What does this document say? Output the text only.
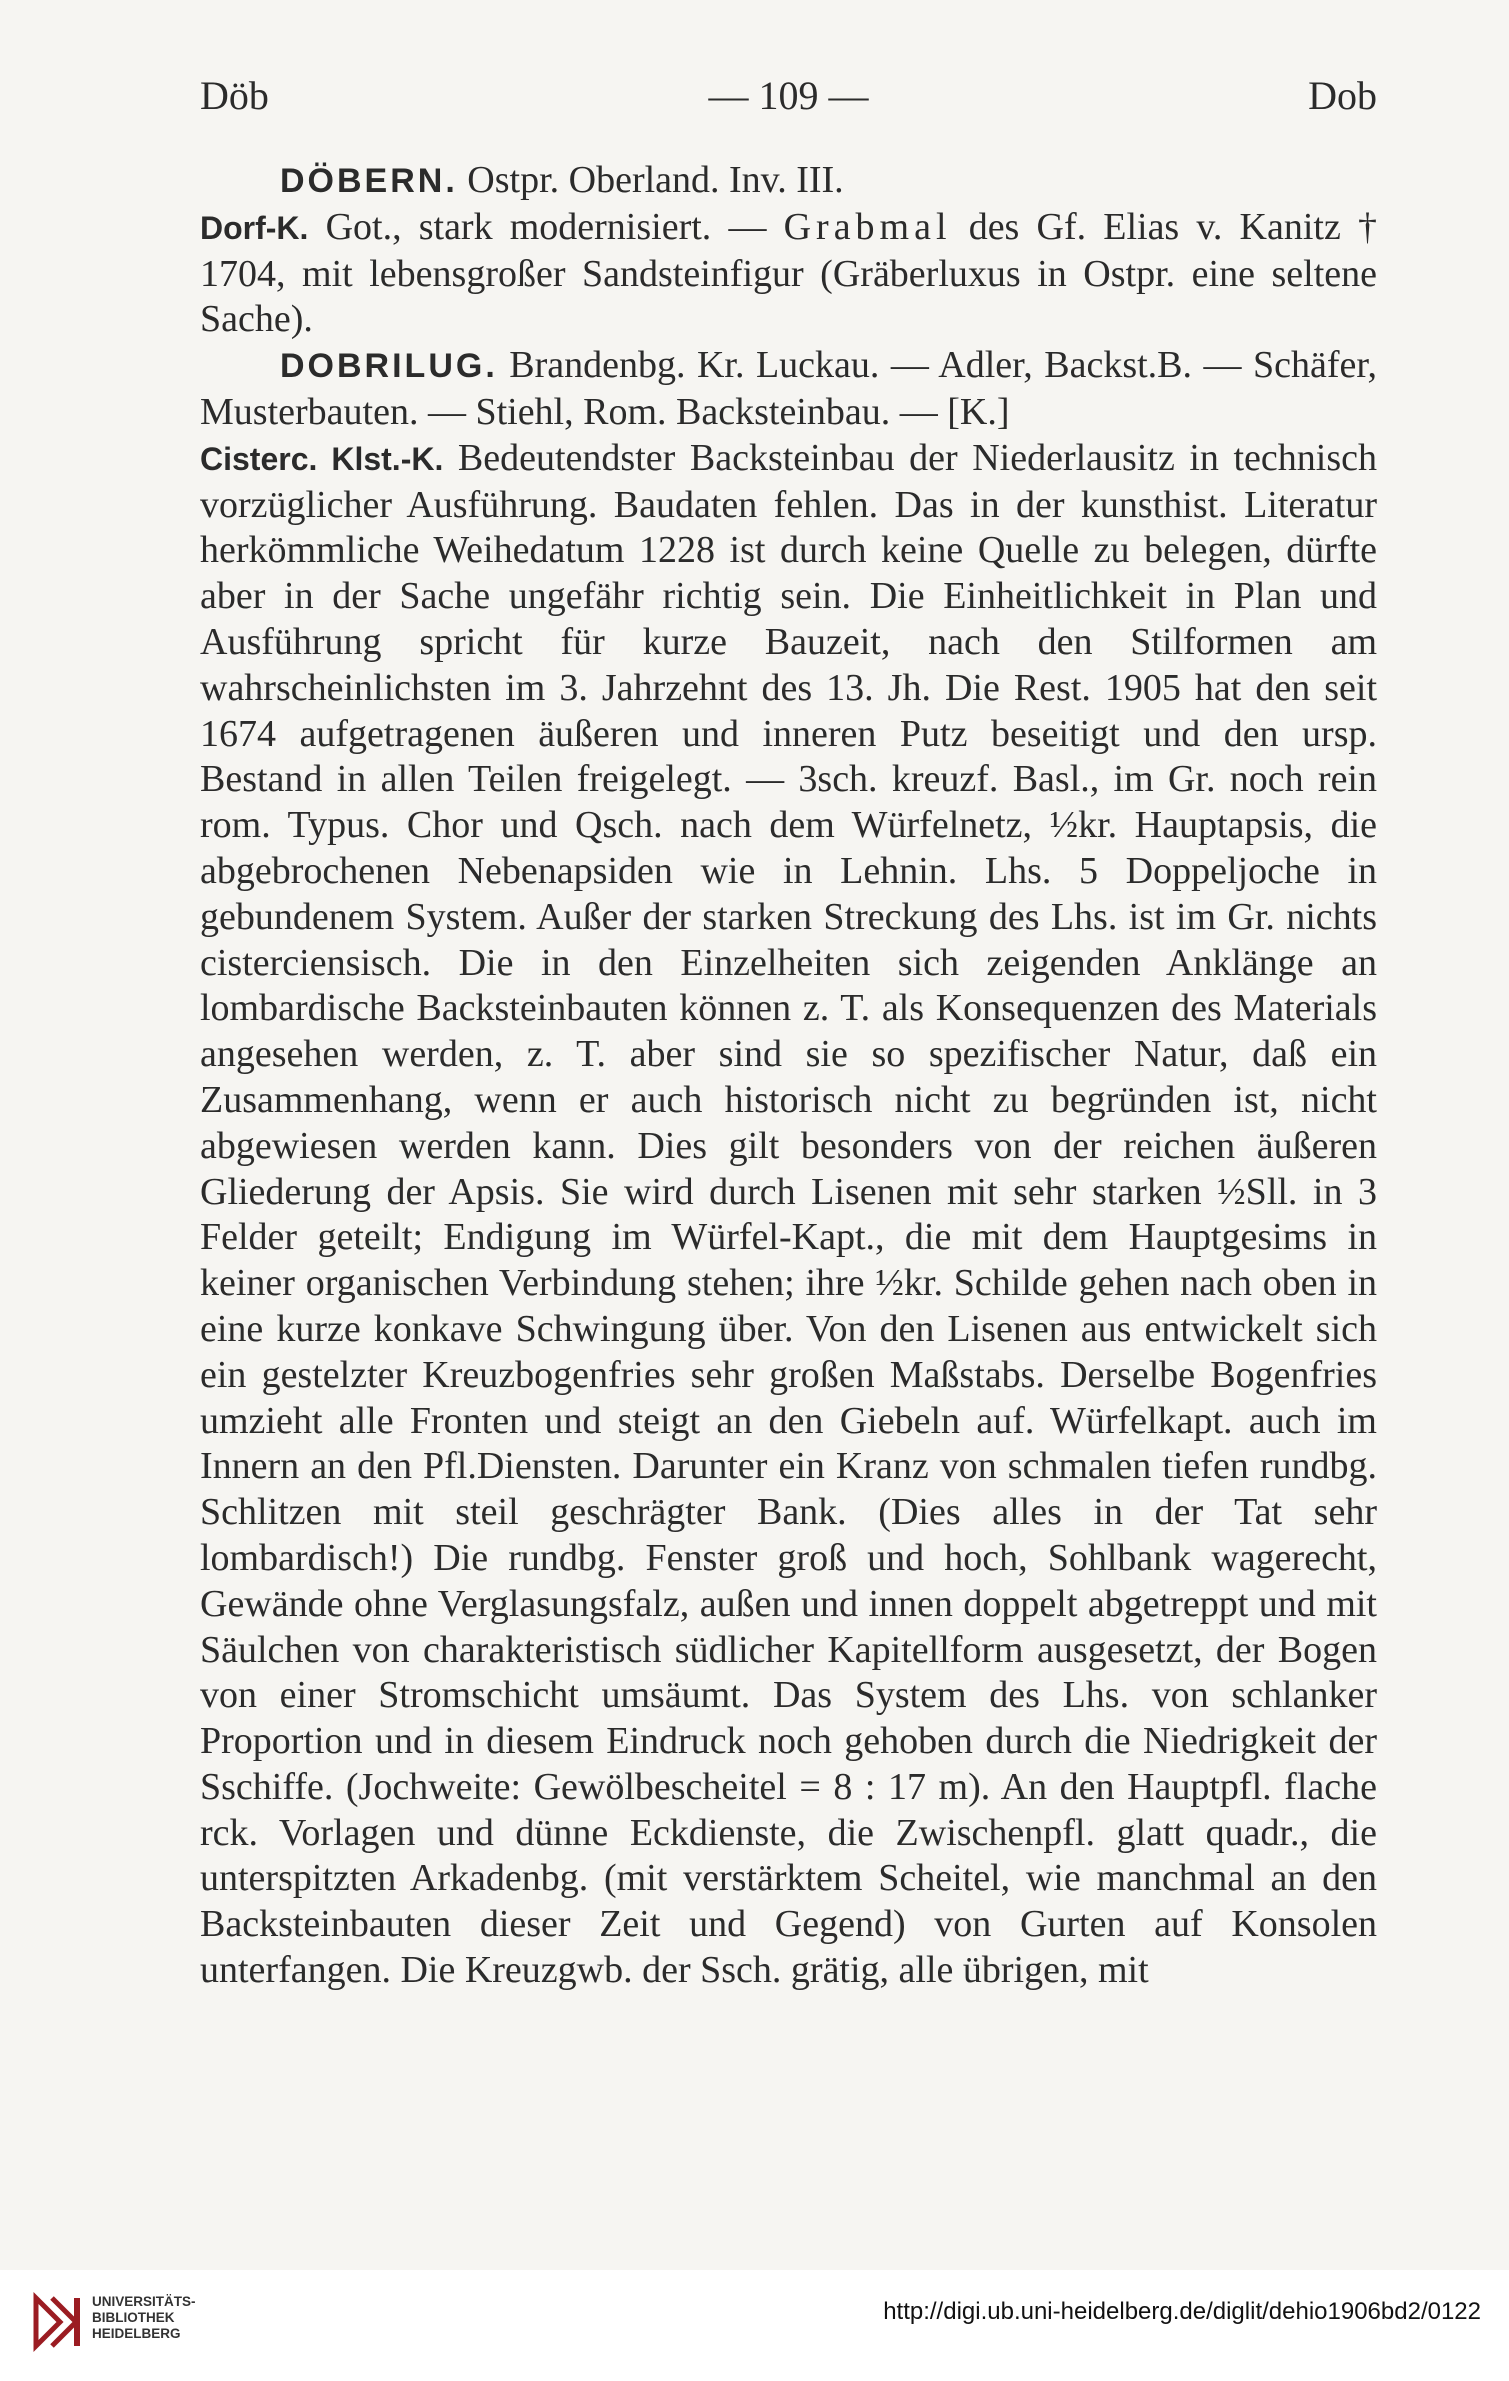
Döb	— 109 —	Dob

DÖBERN. Ostpr. Oberland. Inv. III.

Dorf-K. Got., stark modernisiert. — Grabmal des Gf. Elias v. Kanitz † 1704, mit lebensgroßer Sandsteinfigur (Gräberluxus in Ostpr. eine seltene Sache).

DOBRILUG. Brandenbg. Kr. Luckau. — Adler, Backst.B. — Schäfer, Musterbauten. — Stiehl, Rom. Backsteinbau. — [K.]

Cisterc. Klst.-K. Bedeutendster Backsteinbau der Niederlausitz in technisch vorzüglicher Ausführung. Baudaten fehlen. Das in der kunsthist. Literatur herkömmliche Weihedatum 1228 ist durch keine Quelle zu belegen, dürfte aber in der Sache ungefähr richtig sein. Die Einheitlichkeit in Plan und Ausführung spricht für kurze Bauzeit, nach den Stilformen am wahrscheinlichsten im 3. Jahrzehnt des 13. Jh. Die Rest. 1905 hat den seit 1674 aufgetragenen äußeren und inneren Putz beseitigt und den ursp. Bestand in allen Teilen freigelegt. — 3sch. kreuzf. Basl., im Gr. noch rein rom. Typus. Chor und Qsch. nach dem Würfelnetz, ½kr. Hauptapsis, die abgebrochenen Nebenapsiden wie in Lehnin. Lhs. 5 Doppeljoche in gebundenem System. Außer der starken Streckung des Lhs. ist im Gr. nichts cisterciensisch. Die in den Einzelheiten sich zeigenden Anklänge an lombardische Backsteinbauten können z. T. als Konsequenzen des Materials angesehen werden, z. T. aber sind sie so spezifischer Natur, daß ein Zusammenhang, wenn er auch historisch nicht zu begründen ist, nicht abgewiesen werden kann. Dies gilt besonders von der reichen äußeren Gliederung der Apsis. Sie wird durch Lisenen mit sehr starken ½Sll. in 3 Felder geteilt; Endigung im Würfel-Kapt., die mit dem Hauptgesims in keiner organischen Verbindung stehen; ihre ½kr. Schilde gehen nach oben in eine kurze konkave Schwingung über. Von den Lisenen aus entwickelt sich ein gestelzter Kreuzbogenfries sehr großen Maßstabs. Derselbe Bogenfries umzieht alle Fronten und steigt an den Giebeln auf. Würfelkapt. auch im Innern an den Pfl.Diensten. Darunter ein Kranz von schmalen tiefen rundbg. Schlitzen mit steil geschrägter Bank. (Dies alles in der Tat sehr lombardisch!) Die rundbg. Fenster groß und hoch, Sohlbank wagerecht, Gewände ohne Verglasungsfalz, außen und innen doppelt abgetreppt und mit Säulchen von charakteristisch südlicher Kapitellform ausgesetzt, der Bogen von einer Stromschicht umsäumt. Das System des Lhs. von schlanker Proportion und in diesem Eindruck noch gehoben durch die Niedrigkeit der Sschiffe. (Jochweite: Gewölbescheitel = 8 : 17 m). An den Hauptpfl. flache rck. Vorlagen und dünne Eckdienste, die Zwischenpfl. glatt quadr., die unterspitzten Arkadenbg. (mit verstärktem Scheitel, wie manchmal an den Backsteinbauten dieser Zeit und Gegend) von Gurten auf Konsolen unterfangen. Die Kreuzgwb. der Ssch. grätig, alle übrigen, mit

UNIVERSITÄTS-
BIBLIOTHEK
HEIDELBERG
http://digi.ub.uni-heidelberg.de/diglit/dehio1906bd2/0122
